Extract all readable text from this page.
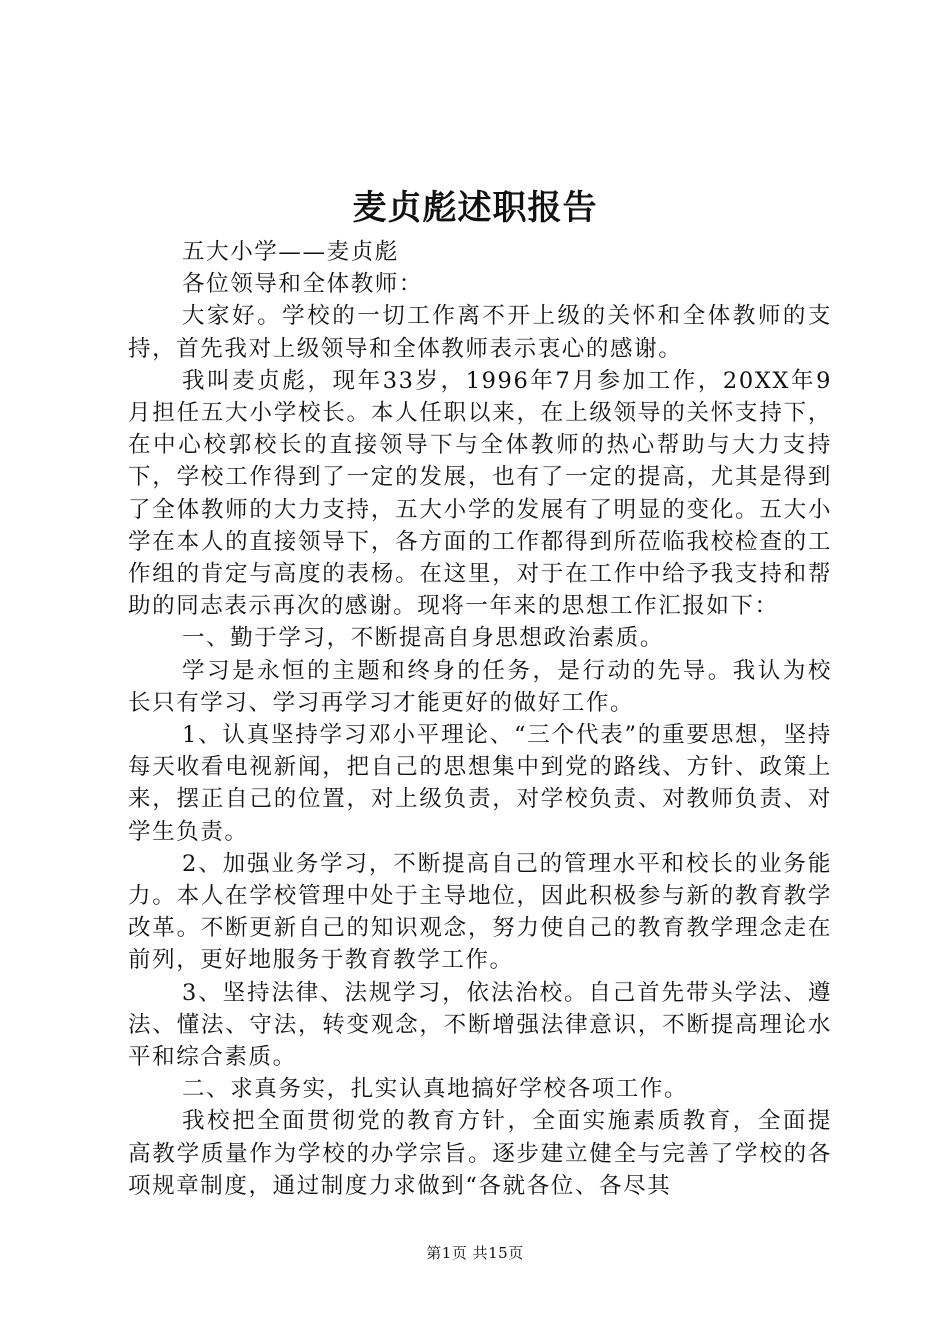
麦贞彪述职报告

五大小学——麦贞彪

各位领导和全体教师：

大家好。学校的一切工作离不开上级的关怀和全体教师的支持，首先我对上级领导和全体教师表示衷心的感谢。

我叫麦贞彪，现年33岁，1996年7月参加工作，20XX年9月担任五大小学校长。本人任职以来，在上级领导的关怀支持下，在中心校郭校长的直接领导下与全体教师的热心帮助与大力支持下，学校工作得到了一定的发展，也有了一定的提高，尤其是得到了全体教师的大力支持，五大小学的发展有了明显的变化。五大小学在本人的直接领导下，各方面的工作都得到所莅临我校检查的工作组的肯定与高度的表杨。在这里，对于在工作中给予我支持和帮助的同志表示再次的感谢。现将一年来的思想工作汇报如下：

一、勤于学习，不断提高自身思想政治素质。

学习是永恒的主题和终身的任务，是行动的先导。我认为校长只有学习、学习再学习才能更好的做好工作。

1、认真坚持学习邓小平理论、“三个代表”的重要思想，坚持每天收看电视新闻，把自己的思想集中到党的路线、方针、政策上来，摆正自己的位置，对上级负责，对学校负责、对教师负责、对学生负责。

2、加强业务学习，不断提高自己的管理水平和校长的业务能力。本人在学校管理中处于主导地位，因此积极参与新的教育教学改革。不断更新自己的知识观念，努力使自己的教育教学理念走在前列，更好地服务于教育教学工作。

3、坚持法律、法规学习，依法治校。自己首先带头学法、遵法、懂法、守法，转变观念，不断增强法律意识，不断提高理论水平和综合素质。

二、求真务实，扎实认真地搞好学校各项工作。

我校把全面贯彻党的教育方针，全面实施素质教育，全面提高教学质量作为学校的办学宗旨。逐步建立健全与完善了学校的各项规章制度，通过制度力求做到“各就各位、各尽其

第1页 共15页
